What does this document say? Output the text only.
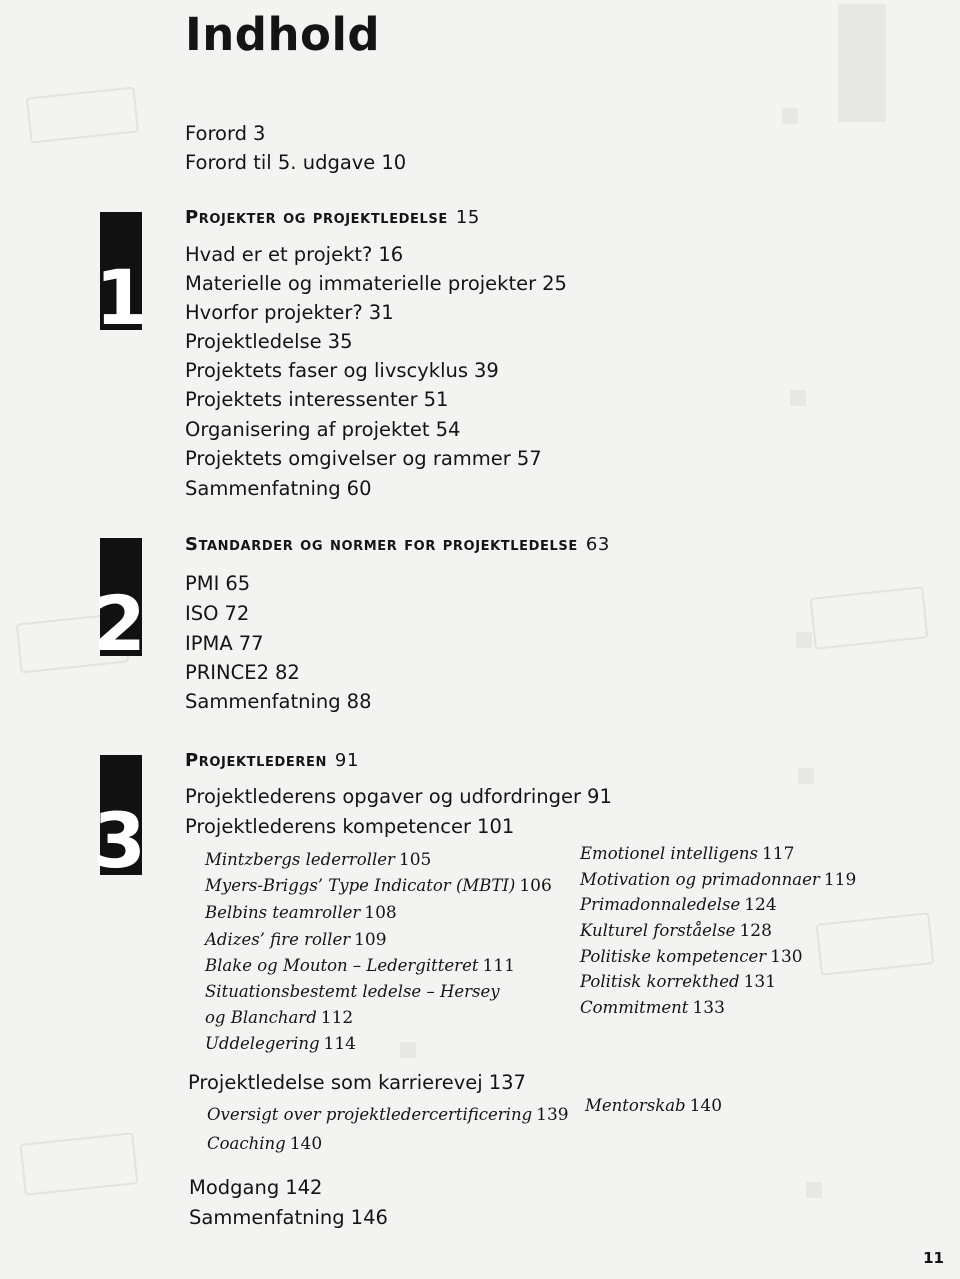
Indhold
Forord 3
Forord til 5. udgave 10
1
Projekter og projektledelse 15
Hvad er et projekt? 16
Materielle og immaterielle projekter 25
Hvorfor projekter? 31
Projektledelse 35
Projektets faser og livscyklus 39
Projektets interessenter 51
Organisering af projektet 54
Projektets omgivelser og rammer 57
Sammenfatning 60
2
Standarder og normer for projektledelse 63
PMI 65
ISO 72
IPMA 77
PRINCE2 82
Sammenfatning 88
3
Projektlederen 91
Projektlederens opgaver og udfordringer 91
Projektlederens kompetencer 101
Mintzbergs lederroller 105
Myers-Briggs’ Type Indicator (MBTI) 106
Belbins teamroller 108
Adizes’ fire roller 109
Blake og Mouton – Ledergitteret 111
Situationsbestemt ledelse – Hersey
og Blanchard 112
Uddelegering 114
Emotionel intelligens 117
Motivation og primadonnaer 119
Primadonnaledelse 124
Kulturel forståelse 128
Politiske kompetencer 130
Politisk korrekthed 131
Commitment 133
Projektledelse som karrierevej 137
Oversigt over projektledercertificering 139
Coaching 140
Mentorskab 140
Modgang 142
Sammenfatning 146
11
